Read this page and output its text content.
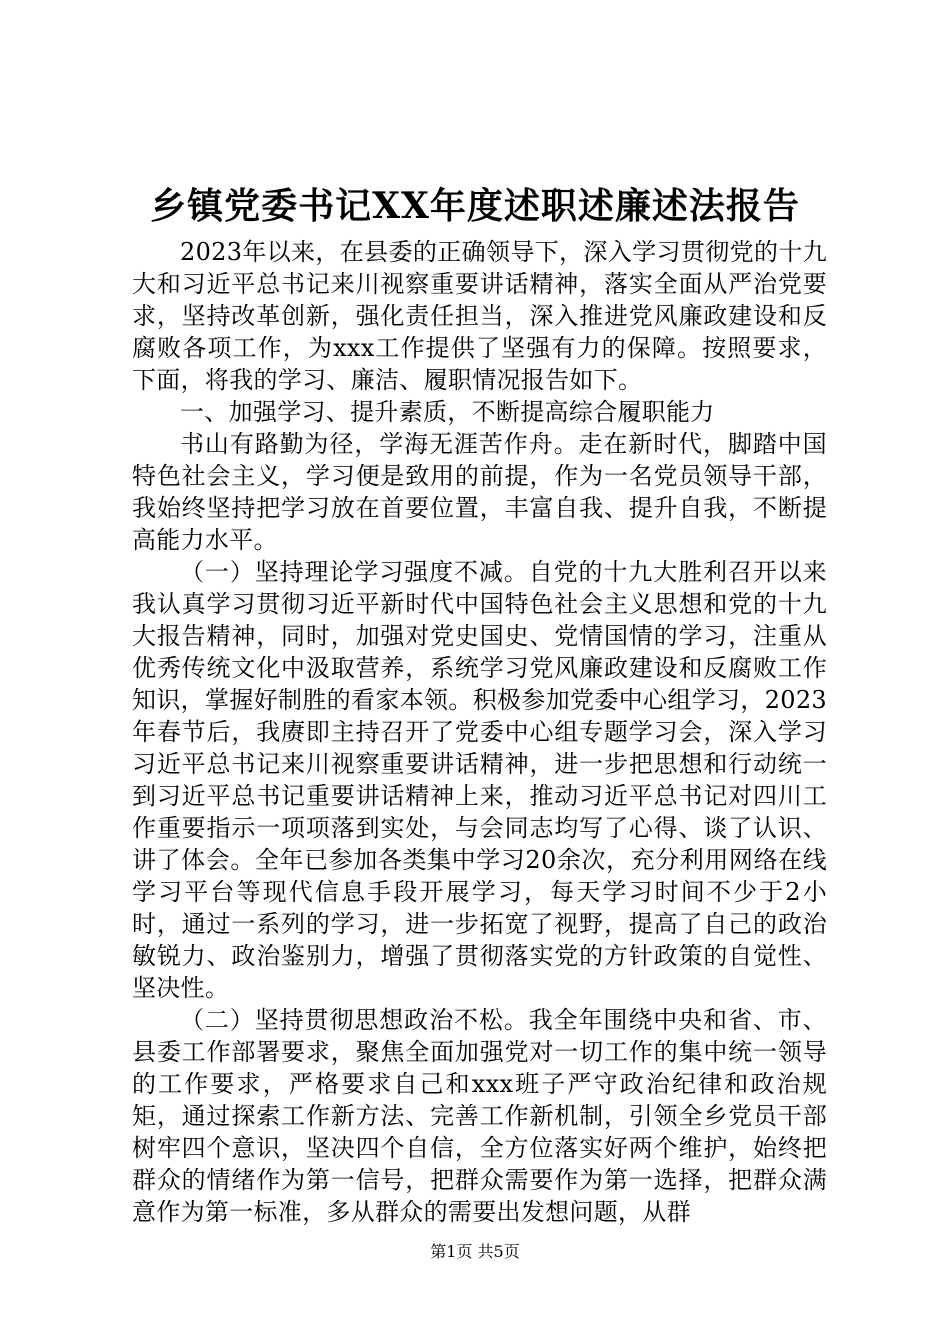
乡镇党委书记XX年度述职述廉述法报告

2023年以来，在县委的正确领导下，深入学习贯彻党的十九大和习近平总书记来川视察重要讲话精神，落实全面从严治党要求，坚持改革创新，强化责任担当，深入推进党风廉政建设和反腐败各项工作，为xxx工作提供了坚强有力的保障。按照要求，下面，将我的学习、廉洁、履职情况报告如下。

一、加强学习、提升素质，不断提高综合履职能力

书山有路勤为径，学海无涯苦作舟。走在新时代，脚踏中国特色社会主义，学习便是致用的前提，作为一名党员领导干部，我始终坚持把学习放在首要位置，丰富自我、提升自我，不断提高能力水平。

（一）坚持理论学习强度不减。自党的十九大胜利召开以来我认真学习贯彻习近平新时代中国特色社会主义思想和党的十九大报告精神，同时，加强对党史国史、党情国情的学习，注重从优秀传统文化中汲取营养，系统学习党风廉政建设和反腐败工作知识，掌握好制胜的看家本领。积极参加党委中心组学习，2023年春节后，我赓即主持召开了党委中心组专题学习会，深入学习习近平总书记来川视察重要讲话精神，进一步把思想和行动统一到习近平总书记重要讲话精神上来，推动习近平总书记对四川工作重要指示一项项落到实处，与会同志均写了心得、谈了认识、讲了体会。全年已参加各类集中学习20余次，充分利用网络在线学习平台等现代信息手段开展学习，每天学习时间不少于2小时，通过一系列的学习，进一步拓宽了视野，提高了自己的政治敏锐力、政治鉴别力，增强了贯彻落实党的方针政策的自觉性、坚决性。

（二）坚持贯彻思想政治不松。我全年围绕中央和省、市、县委工作部署要求，聚焦全面加强党对一切工作的集中统一领导的工作要求，严格要求自己和xxx班子严守政治纪律和政治规矩，通过探索工作新方法、完善工作新机制，引领全乡党员干部树牢四个意识，坚决四个自信，全方位落实好两个维护，始终把群众的情绪作为第一信号，把群众需要作为第一选择，把群众满意作为第一标准，多从群众的需要出发想问题，从群

第1页 共5页
